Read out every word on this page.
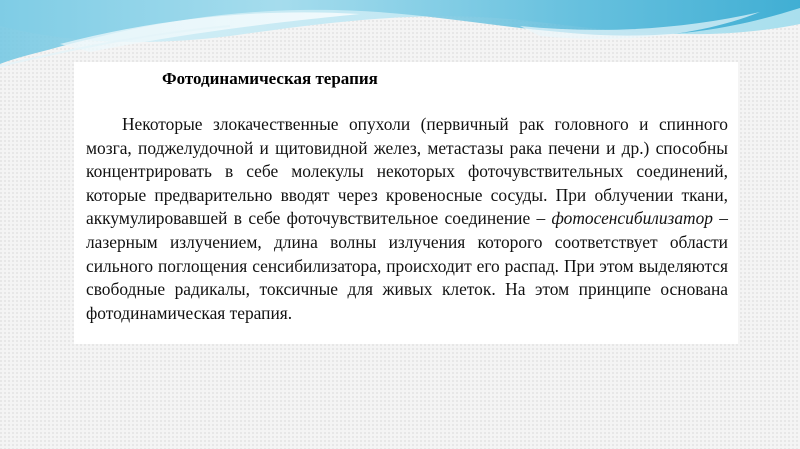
Фотодинамическая терапия

Некоторые злокачественные опухоли (первичный рак головного и спинного мозга, поджелудочной и щитовидной желез, метастазы рака печени и др.) способны концентрировать в себе молекулы некоторых фоточувствительных соединений, которые предварительно вводят через кровеносные сосуды. При облучении ткани, аккумулировавшей в себе фоточувствительное соединение – фотосенсибилизатор – лазерным излучением, длина волны излучения которого соответствует области сильного поглощения сенсибилизатора, происходит его распад. При этом выделяются свободные радикалы, токсичные для живых клеток. На этом принципе основана фотодинамическая терапия.
